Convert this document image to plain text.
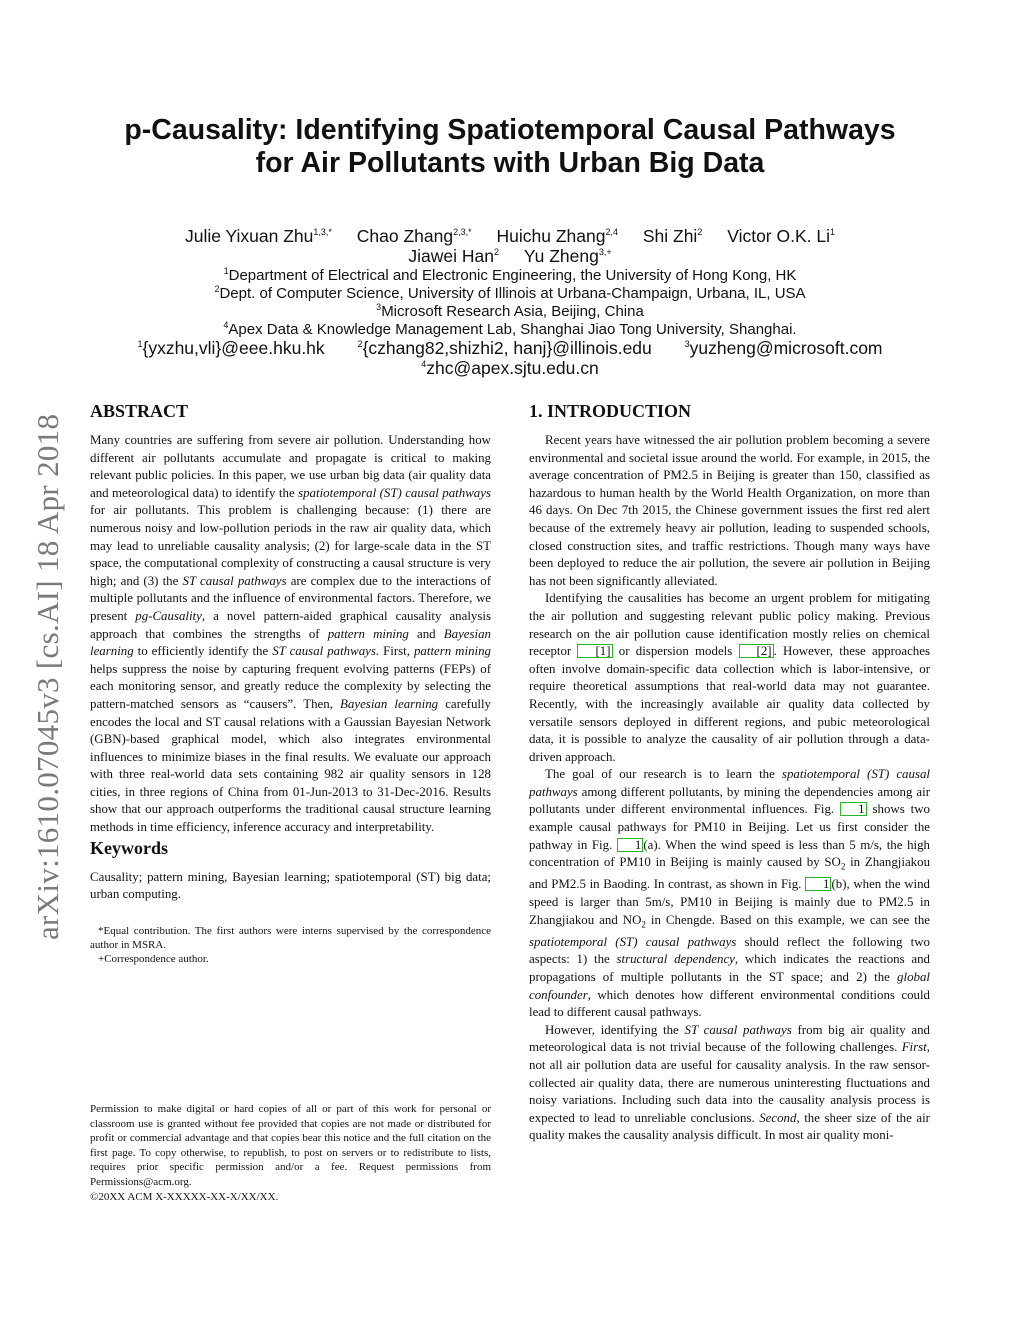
arXiv:1610.07045v3 [cs.AI] 18 Apr 2018
p-Causality: Identifying Spatiotemporal Causal Pathways
for Air Pollutants with Urban Big Data
Julie Yixuan Zhu$^{1,3,*}$ Chao Zhang$^{2,3,*}$ Huichu Zhang$^{2,4}$ Shi Zhi$^2$ Victor O.K. Li$^1$
Jiawei Han$^2$ Yu Zheng$^{3,+}$
$^1$Department of Electrical and Electronic Engineering, the University of Hong Kong, HK
$^2$Dept. of Computer Science, University of Illinois at Urbana-Champaign, Urbana, IL, USA
$^3$Microsoft Research Asia, Beijing, China
$^4$Apex Data & Knowledge Management Lab, Shanghai Jiao Tong University, Shanghai.
$^1${yxzhu,vli}@eee.hku.hk	$^2${czhang82,shizhi2, hanj}@illinois.edu	$^3$yuzheng@microsoft.com
$^4$zhc@apex.sjtu.edu.cn
ABSTRACT

Many countries are suffering from severe air pollution. Understanding how different air pollutants accumulate and propagate is critical to making relevant public policies. In this paper, we use urban big data (air quality data and meteorological data) to identify the spatiotemporal (ST) causal pathways for air pollutants. This problem is challenging because: (1) there are numerous noisy and low-pollution periods in the raw air quality data, which may lead to unreliable causality analysis; (2) for large-scale data in the ST space, the computational complexity of constructing a causal structure is very high; and (3) the ST causal pathways are complex due to the interactions of multiple pollutants and the influence of environmental factors. Therefore, we present pg-Causality, a novel pattern-aided graphical causality analysis approach that combines the strengths of pattern mining and Bayesian learning to efficiently identify the ST causal pathways. First, pattern mining helps suppress the noise by capturing frequent evolving patterns (FEPs) of each monitoring sensor, and greatly reduce the complexity by selecting the pattern-matched sensors as “causers”. Then, Bayesian learning carefully encodes the local and ST causal relations with a Gaussian Bayesian Network (GBN)-based graphical model, which also integrates environmental influences to minimize biases in the final results. We evaluate our approach with three real-world data sets containing 982 air quality sensors in 128 cities, in three regions of China from 01-Jun-2013 to 31-Dec-2016. Results show that our approach outperforms the traditional causal structure learning methods in time efficiency, inference accuracy and interpretability.

Keywords

Causality; pattern mining, Bayesian learning; spatiotemporal (ST) big data; urban computing.

*Equal contribution. The first authors were interns supervised by the correspondence author in MSRA.

+Correspondence author.

Permission to make digital or hard copies of all or part of this work for personal or classroom use is granted without fee provided that copies are not made or distributed for profit or commercial advantage and that copies bear this notice and the full citation on the first page. To copy otherwise, to republish, to post on servers or to redistribute to lists, requires prior specific permission and/or a fee. Request permissions from Permissions@acm.org.

©20XX ACM X-XXXXX-XX-X/XX/XX.

1. INTRODUCTION

Recent years have witnessed the air pollution problem becoming a severe environmental and societal issue around the world. For example, in 2015, the average concentration of PM2.5 in Beijing is greater than 150, classified as hazardous to human health by the World Health Organization, on more than 46 days. On Dec 7th 2015, the Chinese government issues the first red alert because of the extremely heavy air pollution, leading to suspended schools, closed construction sites, and traffic restrictions. Though many ways have been deployed to reduce the air pollution, the severe air pollution in Beijing has not been significantly alleviated.

Identifying the causalities has become an urgent problem for mitigating the air pollution and suggesting relevant public policy making. Previous research on the air pollution cause identification mostly relies on chemical receptor [1] or dispersion models [2] . However, these approaches often involve domain-specific data collection which is labor-intensive, or require theoretical assumptions that real-world data may not guarantee. Recently, with the increasingly available air quality data collected by versatile sensors deployed in different regions, and pubic meteorological data, it is possible to analyze the causality of air pollution through a data-driven approach.

The goal of our research is to learn the spatiotemporal (ST) causal pathways among different pollutants, by mining the dependencies among air pollutants under different environmental influences. Fig. 1 shows two example causal pathways for PM10 in Beijing. Let us first consider the pathway in Fig. 1 (a). When the wind speed is less than 5 m/s, the high concentration of PM10 in Beijing is mainly caused by $SO_2$ in Zhangjiakou and PM2.5 in Baoding. In contrast, as shown in Fig. 1 (b), when the wind speed is larger than 5m/s, PM10 in Beijing is mainly due to PM2.5 in Zhangjiakou and $NO_2$ in Chengde. Based on this example, we can see the spatiotemporal (ST) causal pathways should reflect the following two aspects: 1) the structural dependency, which indicates the reactions and propagations of multiple pollutants in the ST space; and 2) the global confounder, which denotes how different environmental conditions could lead to different causal pathways.

However, identifying the ST causal pathways from big air quality and meteorological data is not trivial because of the following challenges. First, not all air pollution data are useful for causality analysis. In the raw sensor-collected air quality data, there are numerous uninteresting fluctuations and noisy variations. Including such data into the causality analysis process is expected to lead to unreliable conclusions. Second, the sheer size of the air quality makes the causality analysis difficult. In most air quality moni-
